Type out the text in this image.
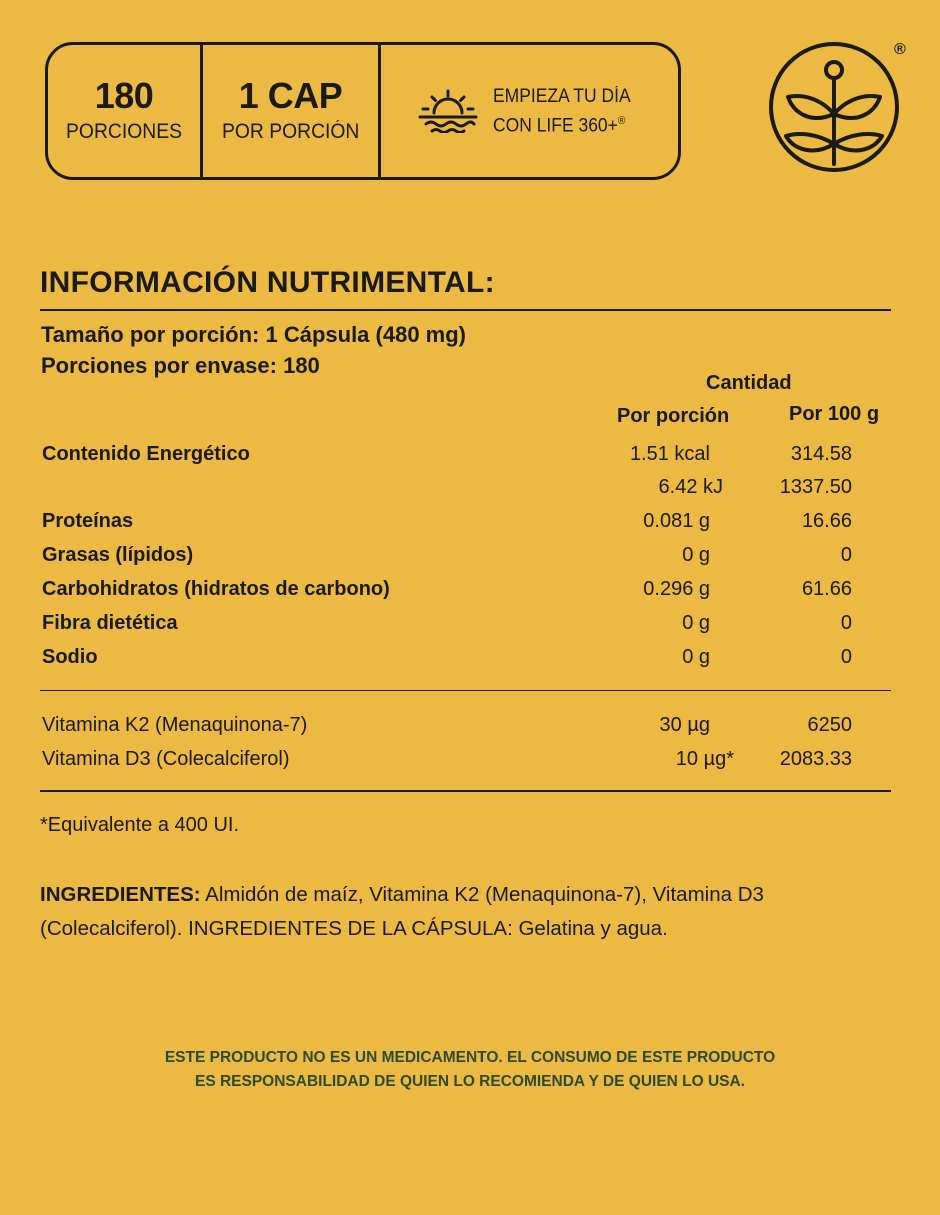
180
PORCIONES
1 CAP
POR PORCIÓN
EMPIEZA TU DÍA
CON LIFE 360+®
®
INFORMACIÓN NUTRIMENTAL:
Tamaño por porción: 1 Cápsula (480 mg)
Porciones por envase: 180
Cantidad
Por porción	Por 100 g
Contenido Energético	1.51 kcal	314.58
6.42 kJ	1337.50
Proteínas	0.081 g	16.66
Grasas (lípidos)	0 g	0
Carbohidratos (hidratos de carbono)	0.296 g	61.66
Fibra dietética	0 g	0
Sodio	0 g	0
Vitamina K2 (Menaquinona-7)	30 µg	6250
Vitamina D3 (Colecalciferol)	10 µg* 2083.33
*Equivalente a 400 UI.
INGREDIENTES: Almidón de maíz, Vitamina K2 (Menaquinona-7), Vitamina D3 (Colecalciferol). INGREDIENTES DE LA CÁPSULA: Gelatina y agua.
ESTE PRODUCTO NO ES UN MEDICAMENTO. EL CONSUMO DE ESTE PRODUCTO
ES RESPONSABILIDAD DE QUIEN LO RECOMIENDA Y DE QUIEN LO USA.
